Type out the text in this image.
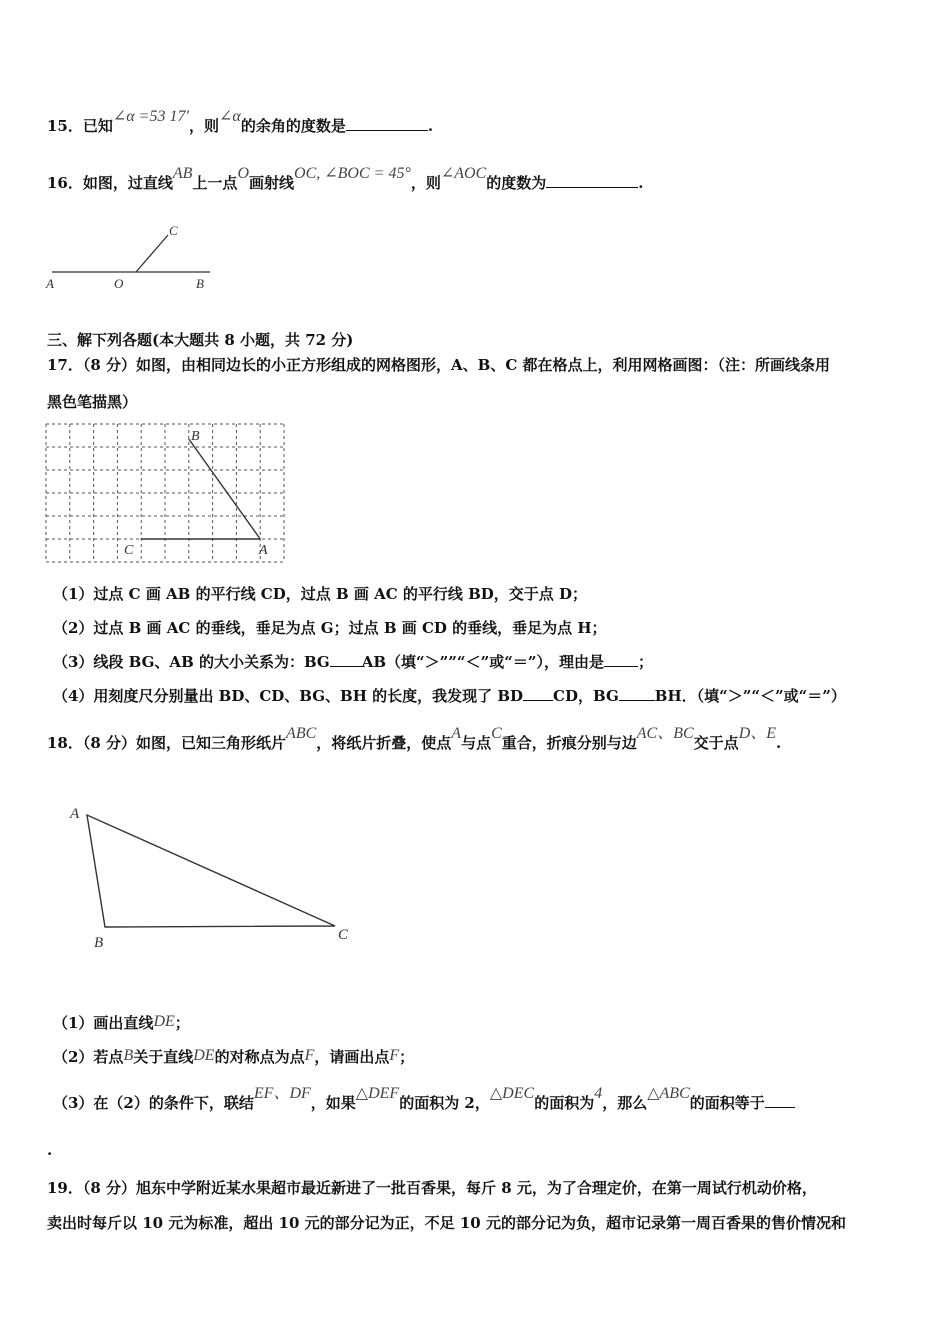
15．已知∠α =53 17′，则∠α的余角的度数是	.
16．如图，过直线AB上一点O画射线OC, ∠BOC = 45°，则∠AOC的度数为	.
A	O	B
C
三、解下列各题(本大题共 8 小题，共 72 分)
17．（8 分）如图，由相同边长的小正方形组成的网格图形，A、B、C 都在格点上，利用网格画图：（注：所画线条用
黑色笔描黑）
B
C	A
（1）过点 C 画 AB 的平行线 CD，过点 B 画 AC 的平行线 BD，交于点 D；
（2）过点 B 画 AC 的垂线，垂足为点 G；过点 B 画 CD 的垂线，垂足为点 H；
（3）线段 BG、AB 的大小关系为：BG AB（填“＞””“＜”或“＝”），理由是 ；
（4）用刻度尺分别量出 BD、CD、BG、BH 的长度，我发现了 BD CD，BG BH．（填“＞”“＜”或“＝”）
18．（8 分）如图，已知三角形纸片ABC，将纸片折叠，使点A与点C重合，折痕分别与边AC、BC交于点D、E.
A
B	C
（1）画出直线DE；
（2）若点B关于直线DE的对称点为点F，请画出点F；
（3）在（2）的条件下，联结EF、DF，如果△DEF的面积为 2，△DEC的面积为4，那么△ABC的面积等于
.
19．（8 分）旭东中学附近某水果超市最近新进了一批百香果，每斤 8 元，为了合理定价，在第一周试行机动价格，
卖出时每斤以 10 元为标准，超出 10 元的部分记为正，不足 10 元的部分记为负，超市记录第一周百香果的售价情况和
